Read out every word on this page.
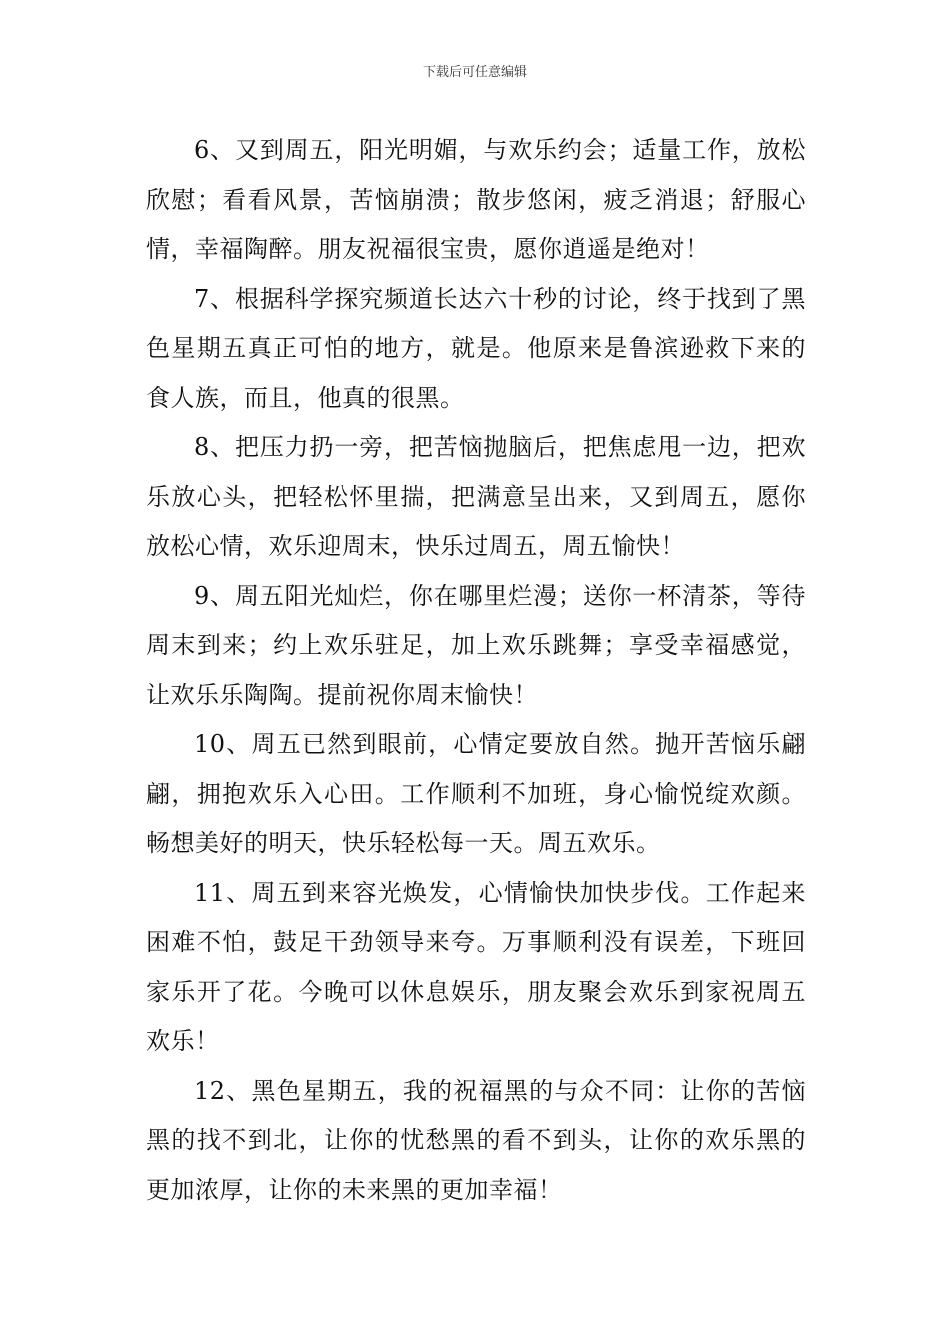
下载后可任意编辑

6、又到周五，阳光明媚，与欢乐约会；适量工作，放松欣慰；看看风景，苦恼崩溃；散步悠闲，疲乏消退；舒服心情，幸福陶醉。朋友祝福很宝贵，愿你逍遥是绝对！

7、根据科学探究频道长达六十秒的讨论，终于找到了黑色星期五真正可怕的地方，就是。他原来是鲁滨逊救下来的食人族，而且，他真的很黑。

8、把压力扔一旁，把苦恼抛脑后，把焦虑甩一边，把欢乐放心头，把轻松怀里揣，把满意呈出来，又到周五，愿你放松心情，欢乐迎周末，快乐过周五，周五愉快！

9、周五阳光灿烂，你在哪里烂漫；送你一杯清茶，等待周末到来；约上欢乐驻足，加上欢乐跳舞；享受幸福感觉，让欢乐乐陶陶。提前祝你周末愉快！

10、周五已然到眼前，心情定要放自然。抛开苦恼乐翩翩，拥抱欢乐入心田。工作顺利不加班，身心愉悦绽欢颜。畅想美好的明天，快乐轻松每一天。周五欢乐。

11、周五到来容光焕发，心情愉快加快步伐。工作起来困难不怕，鼓足干劲领导来夸。万事顺利没有误差，下班回家乐开了花。今晚可以休息娱乐，朋友聚会欢乐到家祝周五欢乐！

12、黑色星期五，我的祝福黑的与众不同：让你的苦恼黑的找不到北，让你的忧愁黑的看不到头，让你的欢乐黑的更加浓厚，让你的未来黑的更加幸福！
